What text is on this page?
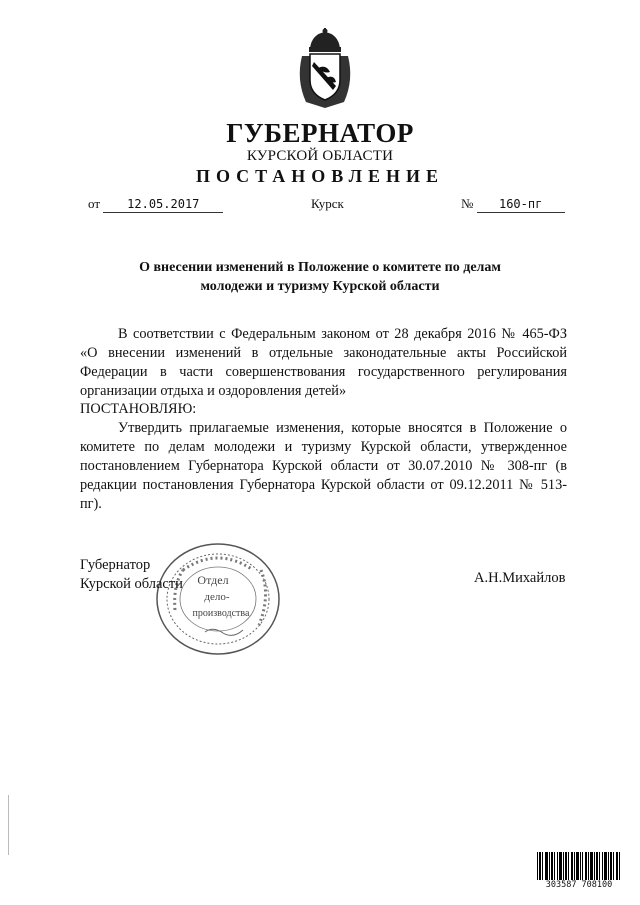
ГУБЕРНАТОР
КУРСКОЙ ОБЛАСТИ
ПОСТАНОВЛЕНИЕ
от 12.05.2017	Курск	№ 160-пг
О внесении изменений в Положение о комитете по делам
молодежи и туризму Курской области

В соответствии с Федеральным законом от 28 декабря 2016 № 465-ФЗ «О внесении изменений в отдельные законодательные акты Российской Федерации в части совершенствования государственного регулирования организации отдыха и оздоровления детей»

ПОСТАНОВЛЯЮ:

Утвердить прилагаемые изменения, которые вносятся в Положение о комитете по делам молодежи и туризму Курской области, утвержденное постановлением Губернатора Курской области от 30.07.2010 № 308-пг (в редакции постановления Губернатора Курской области от 09.12.2011 № 513-пг).

Отдел
дело-
производства
Губернатор
Курской области	А.Н.Михайлов
303587 708100
